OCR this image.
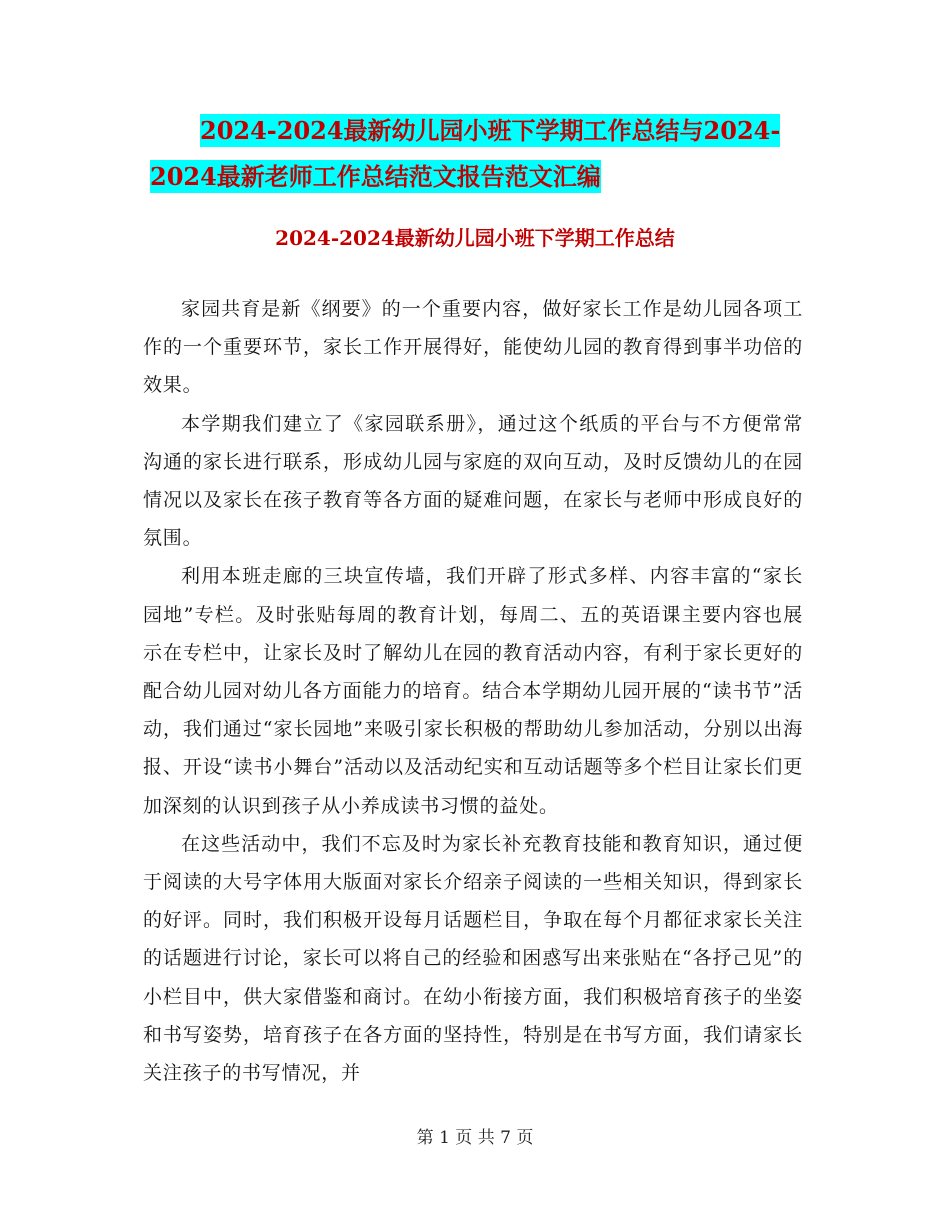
2024-2024最新幼儿园小班下学期工作总结与2024-
2024最新老师工作总结范文报告范文汇编
2024-2024最新幼儿园小班下学期工作总结

家园共育是新《纲要》的一个重要内容，做好家长工作是幼儿园各项工作的一个重要环节，家长工作开展得好，能使幼儿园的教育得到事半功倍的效果。

本学期我们建立了《家园联系册》，通过这个纸质的平台与不方便常常沟通的家长进行联系，形成幼儿园与家庭的双向互动，及时反馈幼儿的在园情况以及家长在孩子教育等各方面的疑难问题，在家长与老师中形成良好的氛围。

利用本班走廊的三块宣传墙，我们开辟了形式多样、内容丰富的“家长园地”专栏。及时张贴每周的教育计划，每周二、五的英语课主要内容也展示在专栏中，让家长及时了解幼儿在园的教育活动内容，有利于家长更好的配合幼儿园对幼儿各方面能力的培育。结合本学期幼儿园开展的“读书节”活动，我们通过“家长园地”来吸引家长积极的帮助幼儿参加活动，分别以出海报、开设“读书小舞台”活动以及活动纪实和互动话题等多个栏目让家长们更加深刻的认识到孩子从小养成读书习惯的益处。

在这些活动中，我们不忘及时为家长补充教育技能和教育知识，通过便于阅读的大号字体用大版面对家长介绍亲子阅读的一些相关知识，得到家长的好评。同时，我们积极开设每月话题栏目，争取在每个月都征求家长关注的话题进行讨论，家长可以将自己的经验和困惑写出来张贴在“各抒己见”的小栏目中，供大家借鉴和商讨。在幼小衔接方面，我们积极培育孩子的坐姿和书写姿势，培育孩子在各方面的坚持性，特别是在书写方面，我们请家长关注孩子的书写情况，并

第 1 页 共 7 页
